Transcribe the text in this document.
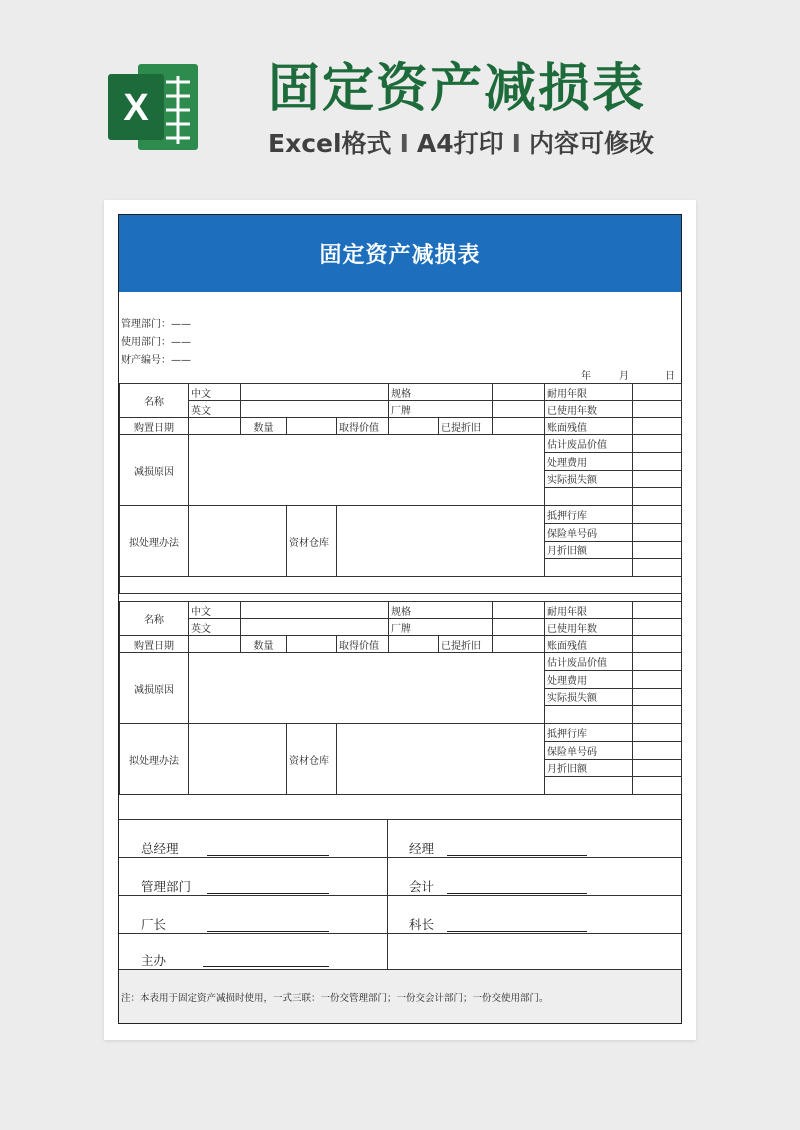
X 固定资产减损表
Excel格式 I A4打印 I 内容可修改
固定资产减损表
管理部门：——
使用部门：——
财产编号：——
年	月	日
名称	中文				规格			耐用年限	
	英文				厂牌			已使用年数	
购置日期		数量		取得价值		已提折旧		账面残值	
减损原因								估计废品价值	
								处理费用	
								实际损失额	

拟处理办法			资材仓库					抵押行库	
								保险单号码	
								月折旧额	

名称	中文				规格			耐用年限	
	英文				厂牌			已使用年数	
购置日期		数量		取得价值		已提折旧		账面残值	
减损原因								估计废品价值	
								处理费用	
								实际损失额	

拟处理办法			资材仓库					抵押行库	
								保险单号码	
								月折旧额	

总经理	经理
管理部门	会计
厂长	科长
主办
注：本表用于固定资产减损时使用，一式三联：一份交管理部门；一份交会计部门；一份交使用部门。
